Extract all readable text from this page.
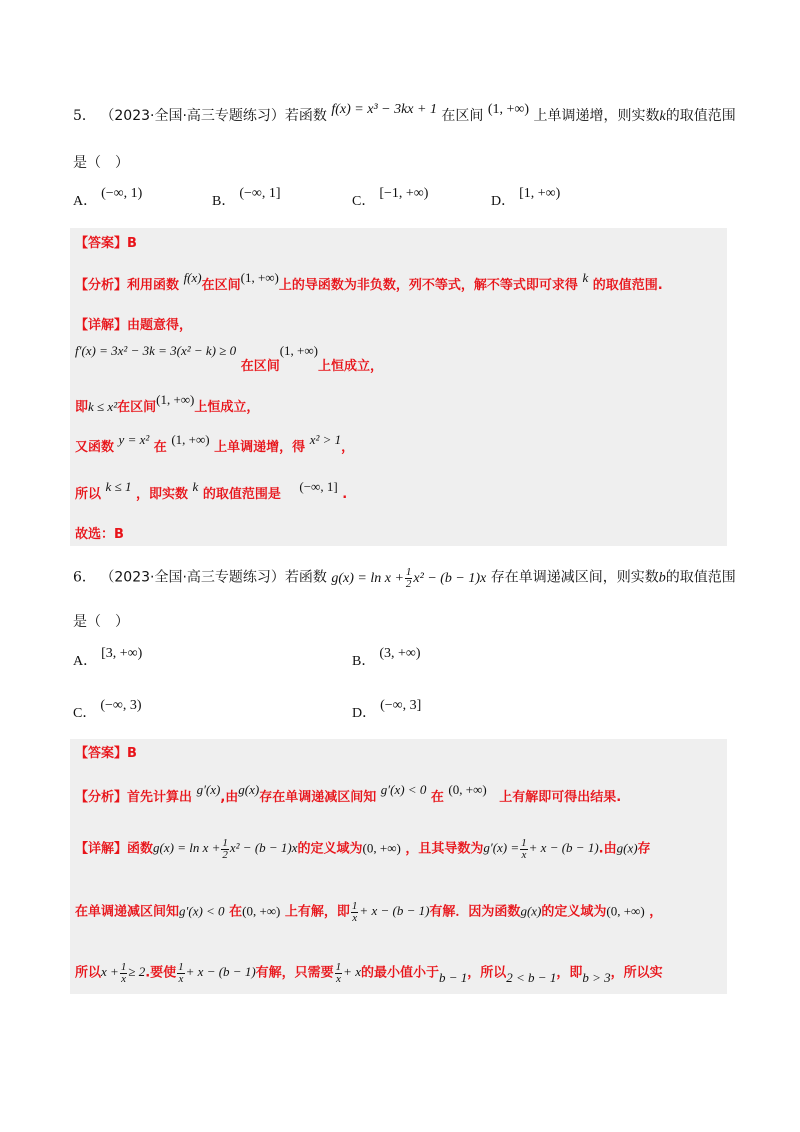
5． （2023·全国·高三专题练习）若函数 f(x) = x³ − 3kx + 1 在区间 (1, +∞) 上单调递增，则实数k的取值范围
是（　）
A．(−∞, 1)
B．(−∞, 1]
C．[−1, +∞)
D．[1, +∞)
【答案】B
【分析】利用函数 f(x)在区间(1, +∞)上的导函数为非负数，列不等式，解不等式即可求得 k 的取值范围.
【详解】由题意得，
f′(x) = 3x² − 3k = 3(x² − k) ≥ 0 在区间(1, +∞)上恒成立，
即k ≤ x²在区间(1, +∞)上恒成立，
又函数 y = x² 在 (1, +∞) 上单调递增，得 x² > 1，
所以 k ≤ 1 ，即实数 k 的取值范围是 (−∞, 1] .
故选：B
6． （2023·全国·高三专题练习）若函数 $g(x) = \ln x + \frac{1}{2} x^2 - (b - 1)x$ 存在单调递减区间，则实数b的取值范围
是（　）
A．[3, +∞)
B．(3, +∞)
C．(−∞, 3)
D．(−∞, 3]
【答案】B
【分析】首先计算出 g′(x),由g(x)存在单调递减区间知 g′(x) < 0 在 (0, +∞) 上有解即可得出结果.
【详解】函数$g(x) = \ln x + \frac{1}{2} x^2 - (b - 1)x$的定义域为(0, +∞) ，且其导数为$g'(x) = \frac{1}{x} + x - (b - 1)$.由g(x)存
在单调递减区间知g′(x) < 0 在(0, +∞) 上有解，即 $\frac{1}{x} + x - (b - 1)$有解．因为函数g(x)的定义域为(0, +∞) ，
所以$x + \frac{1}{x} \ge 2$.要使 $\frac{1}{x} + x - (b - 1)$有解，只需要 $\frac{1}{x} + x$的最小值小于b − 1，所以2 < b − 1，即b > 3，所以实
